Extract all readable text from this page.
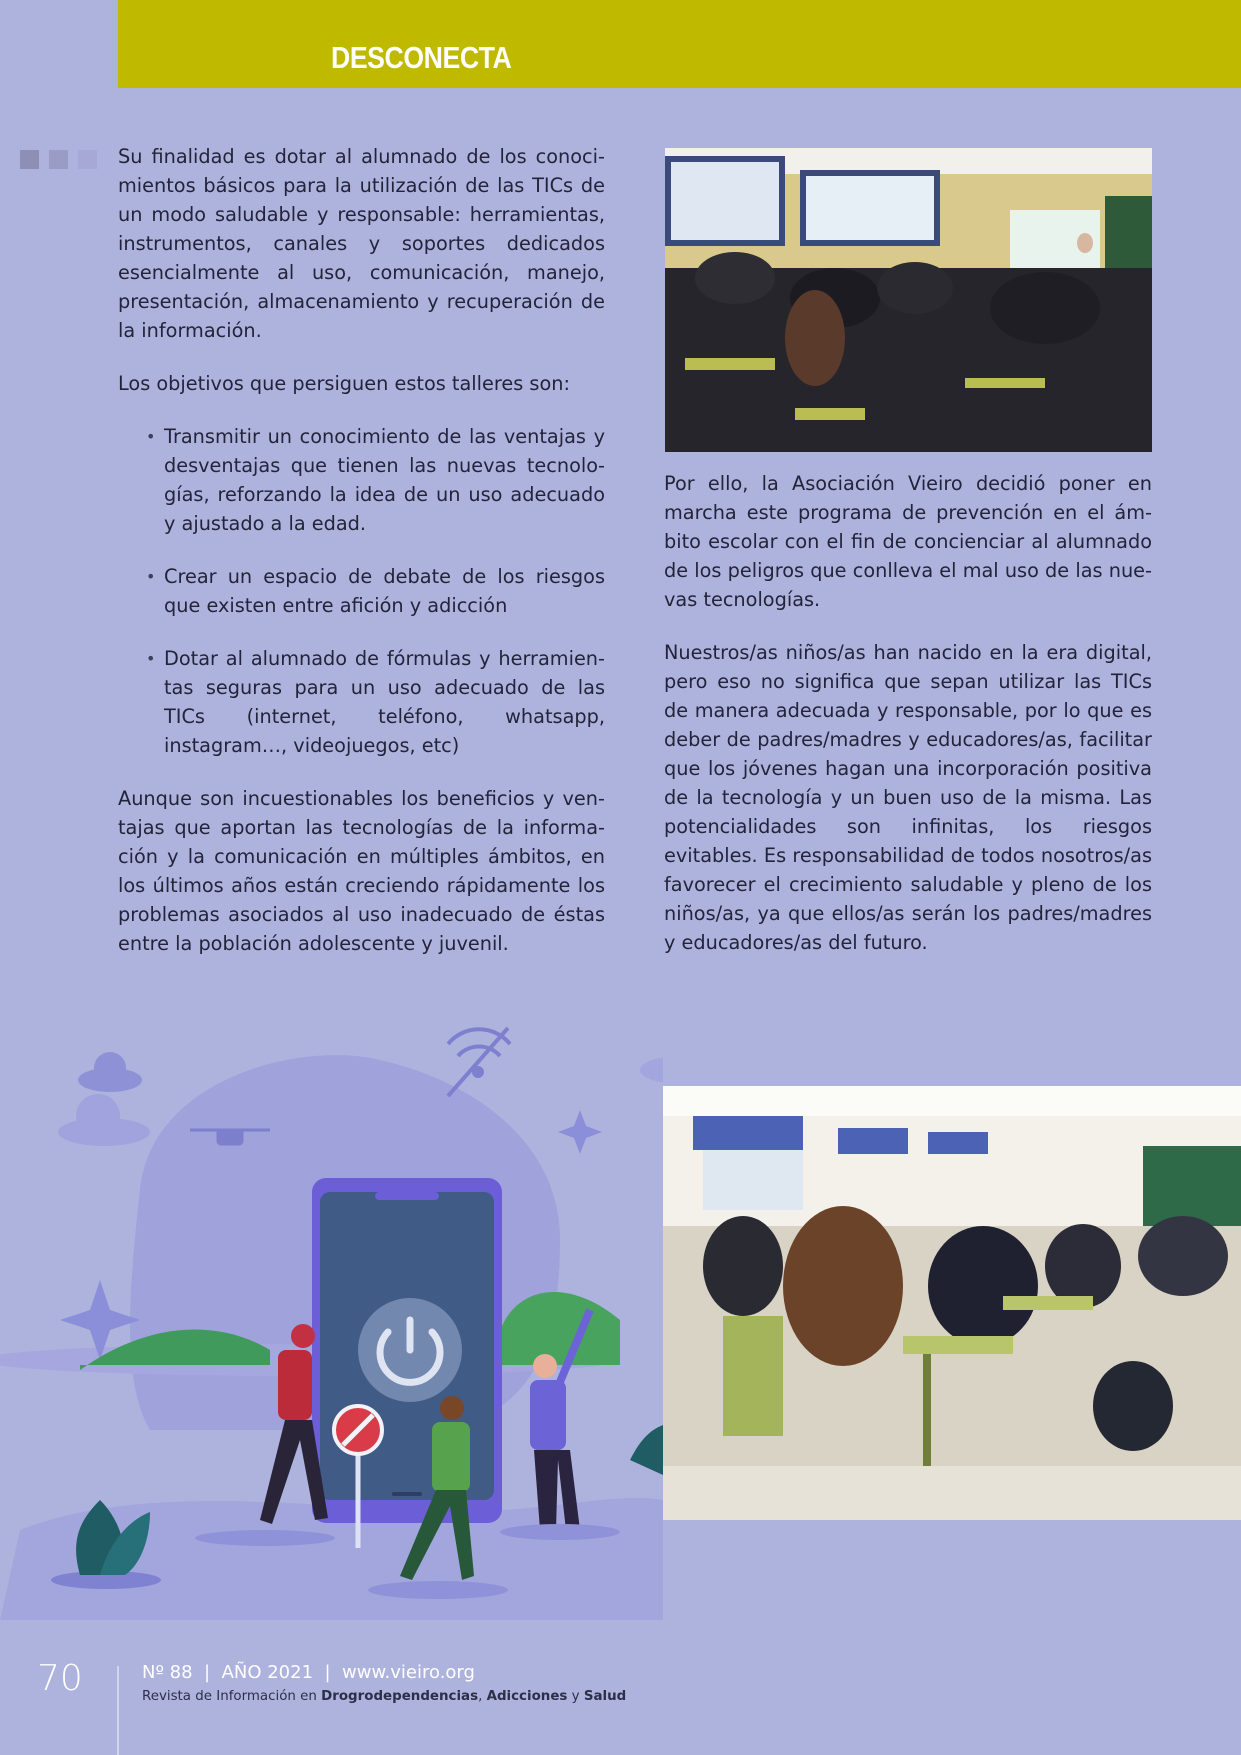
DESCONECTA

Su finalidad es dotar al alumnado de los conocimientos básicos para la utilización de las TICs de un modo saludable y responsable: herramientas, instrumentos, canales y soportes dedicados esencialmente al uso, comunicación, manejo, presentación, almacenamiento y recuperación de la información.

Los objetivos que persiguen estos talleres son:

• Transmitir un conocimiento de las ventajas y desventajas que tienen las nuevas tecnologías, reforzando la idea de un uso adecuado y ajustado a la edad.
• Crear un espacio de debate de los riesgos que existen entre afición y adicción
• Dotar al alumnado de fórmulas y herramientas seguras para un uso adecuado de las TICs (internet, teléfono, whatsapp, instagram…, videojuegos, etc)

Aunque son incuestionables los beneficios y ventajas que aportan las tecnologías de la información y la comunicación en múltiples ámbitos, en los últimos años están creciendo rápidamente los problemas asociados al uso inadecuado de éstas entre la población adolescente y juvenil.

Por ello, la Asociación Vieiro decidió poner en marcha este programa de prevención en el ámbito escolar con el fin de concienciar al alumnado de los peligros que conlleva el mal uso de las nuevas tecnologías.

Nuestros/as niños/as han nacido en la era digital, pero eso no significa que sepan utilizar las TICs de manera adecuada y responsable, por lo que es deber de padres/madres y educadores/as, facilitar que los jóvenes hagan una incorporación positiva de la tecnología y un buen uso de la misma. Las potencialidades son infinitas, los riesgos evitables. Es responsabilidad de todos nosotros/as favorecer el crecimiento saludable y pleno de los niños/as, ya que ellos/as serán los padres/madres y educadores/as del futuro.

70	Nº 88 | AÑO 2021 | www.vieiro.org
Revista de Información en Drogrodependencias, Adicciones y Salud
